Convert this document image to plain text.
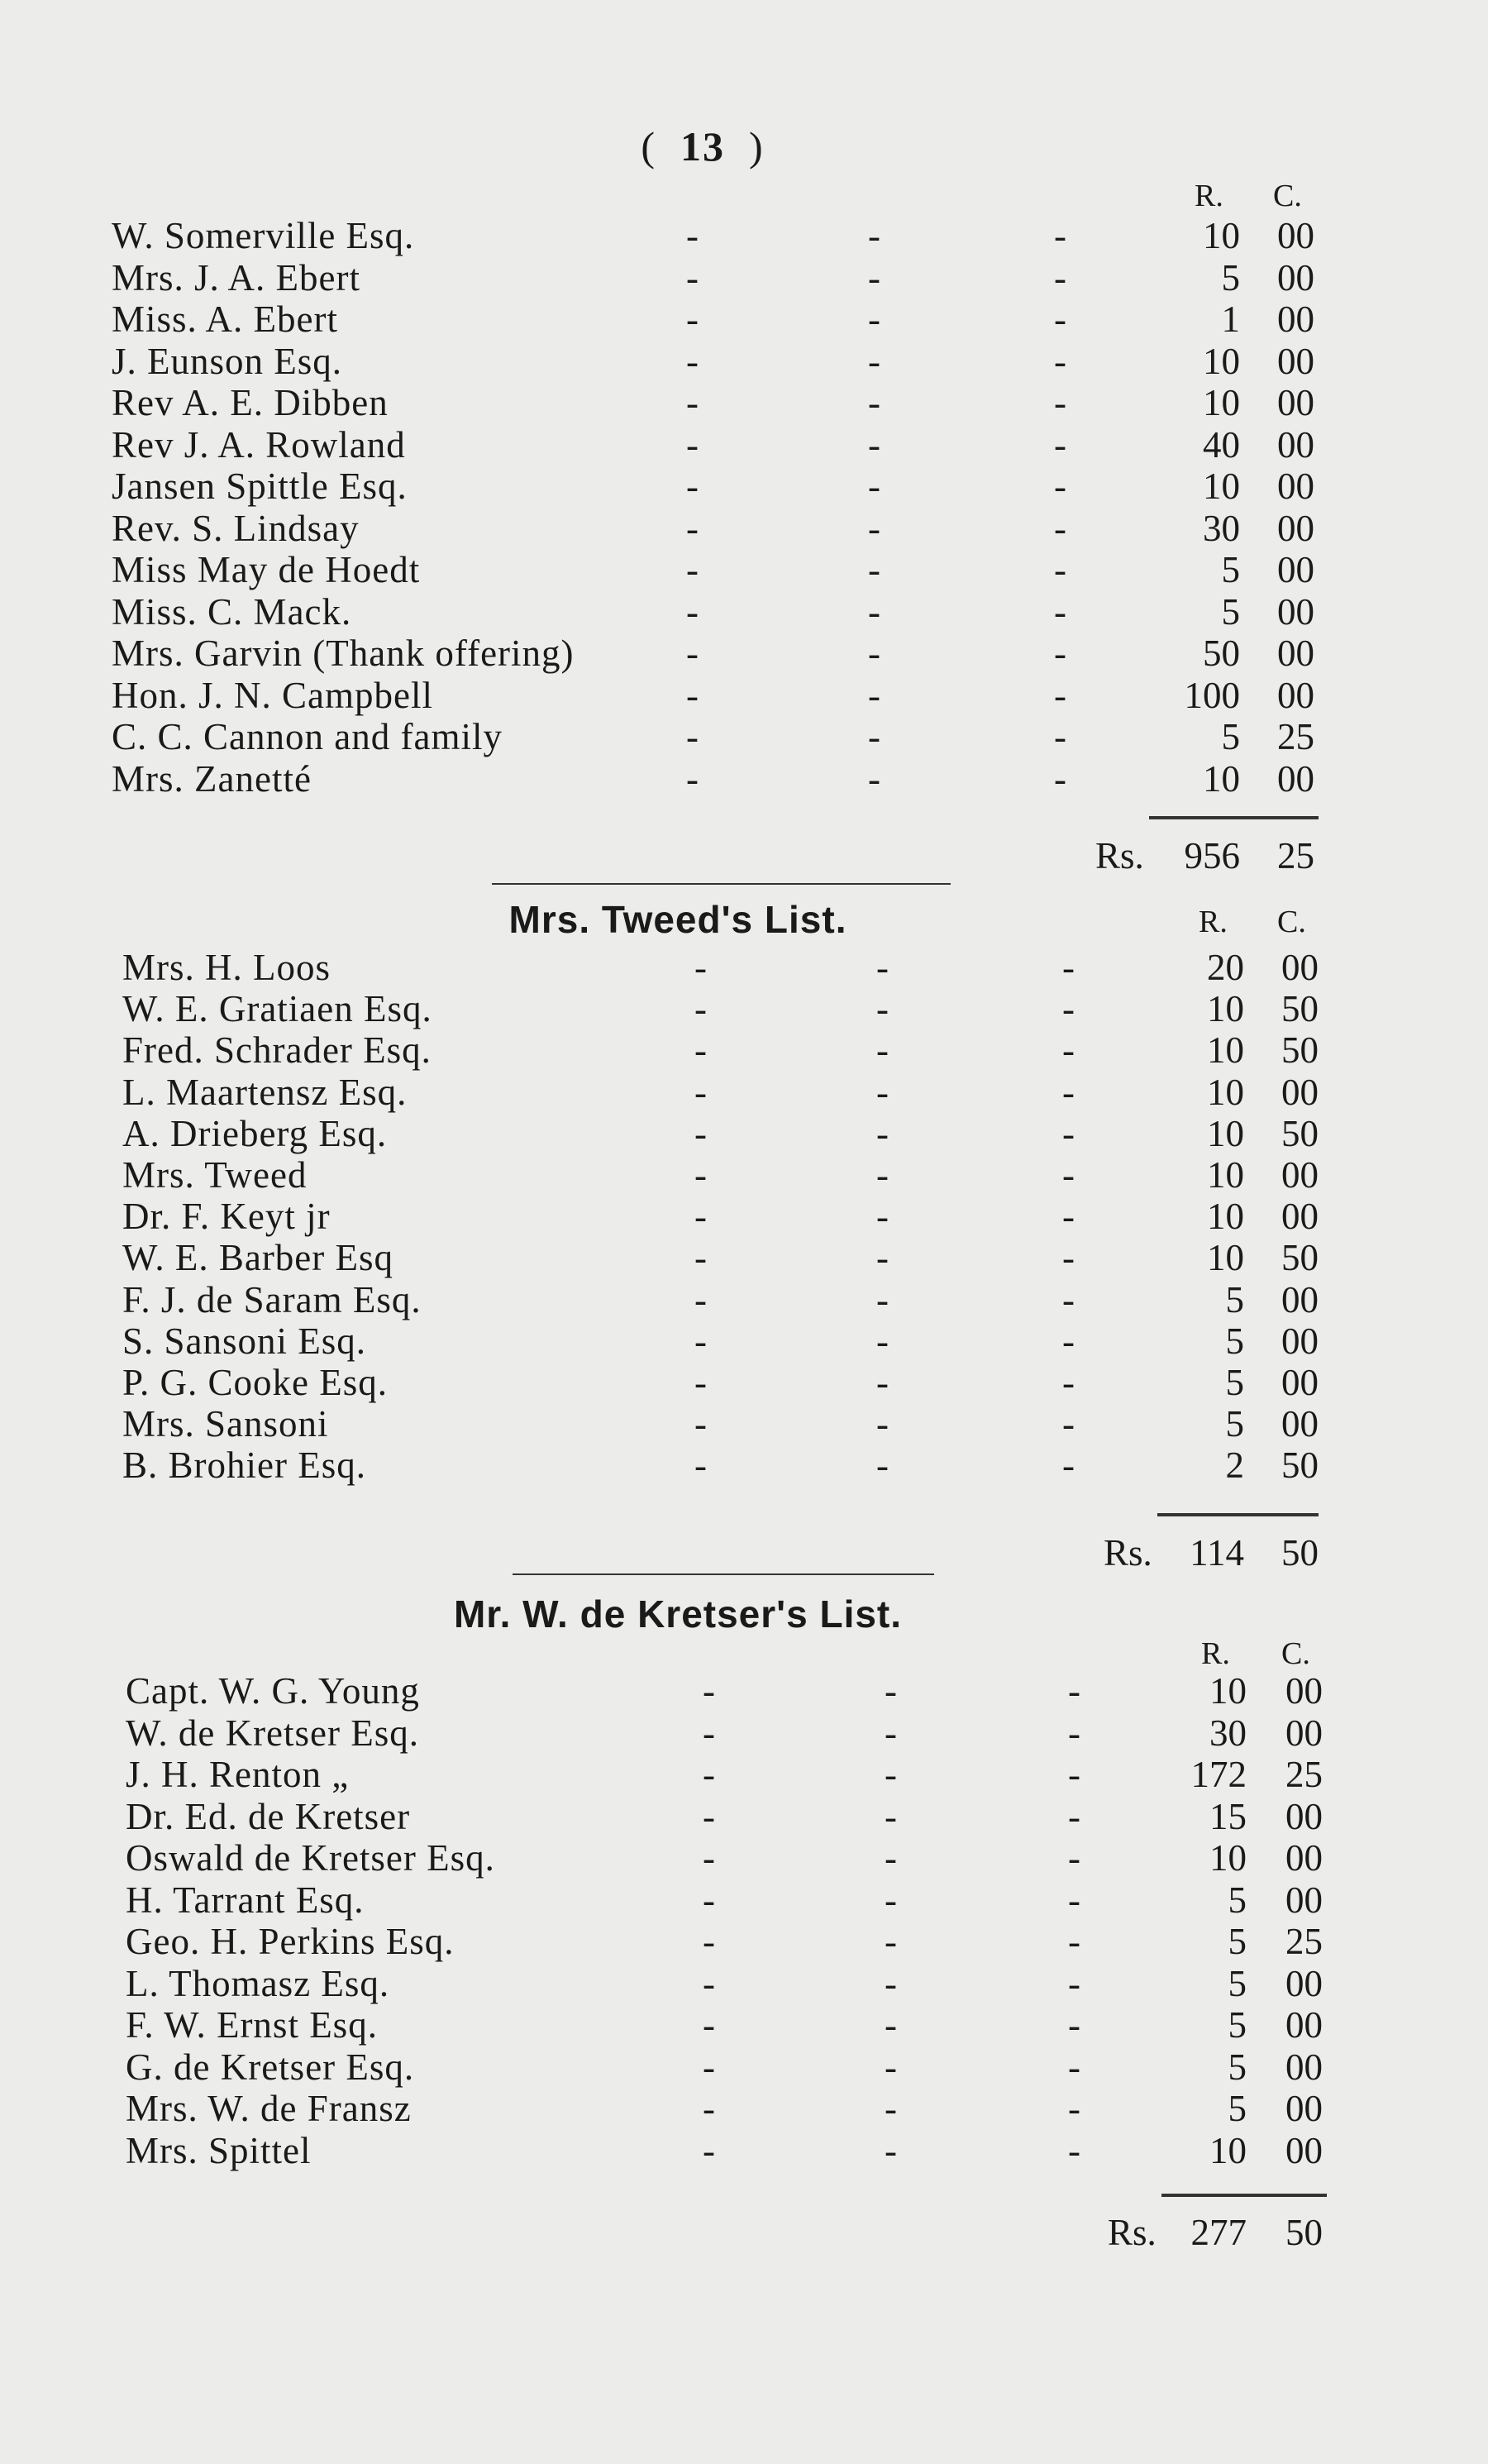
( 13 )
R. C.
W. Somerville Esq.	-	-	-	10	00
Mrs. J. A. Ebert	-	-	-	5	00
Miss. A. Ebert	-	-	-	1	00
J. Eunson Esq.	-	-	-	10	00
Rev A. E. Dibben	-	-	-	10	00
Rev J. A. Rowland	-	-	-	40	00
Jansen Spittle Esq.	-	-	-	10	00
Rev. S. Lindsay	-	-	-	30	00
Miss May de Hoedt	-	-	-	5	00
Miss. C. Mack.	-	-	-	5	00
Mrs. Garvin (Thank offering)	-	-	-	50	00
Hon. J. N. Campbell	-	-	-	100	00
C. C. Cannon and family	-	-	-	5	25
Mrs. Zanetté	-	-	-	10	00
Rs.	956	25
Mrs. Tweed's List.	R. C.
Mrs. H. Loos	-	-	-	20	00
W. E. Gratiaen Esq.	-	-	-	10	50
Fred. Schrader Esq.	-	-	-	10	50
L. Maartensz Esq.	-	-	-	10	00
A. Drieberg Esq.	-	-	-	10	50
Mrs. Tweed	-	-	-	10	00
Dr. F. Keyt jr	-	-	-	10	00
W. E. Barber Esq	-	-	-	10	50
F. J. de Saram Esq.	-	-	-	5	00
S. Sansoni Esq.	-	-	-	5	00
P. G. Cooke Esq.	-	-	-	5	00
Mrs. Sansoni	-	-	-	5	00
B. Brohier Esq.	-	-	-	2	50
Rs.	114	50
Mr. W. de Kretser's List.
R. C.
Capt. W. G. Young	-	-	-	10	00
W. de Kretser Esq.	-	-	-	30	00
J. H. Renton „	-	-	-	172	25
Dr. Ed. de Kretser	-	-	-	15	00
Oswald de Kretser Esq.	-	-	-	10	00
H. Tarrant Esq.	-	-	-	5	00
Geo. H. Perkins Esq.	-	-	-	5	25
L. Thomasz Esq.	-	-	-	5	00
F. W. Ernst Esq.	-	-	-	5	00
G. de Kretser Esq.	-	-	-	5	00
Mrs. W. de Fransz	-	-	-	5	00
Mrs. Spittel	-	-	-	10	00
Rs. 277	50
